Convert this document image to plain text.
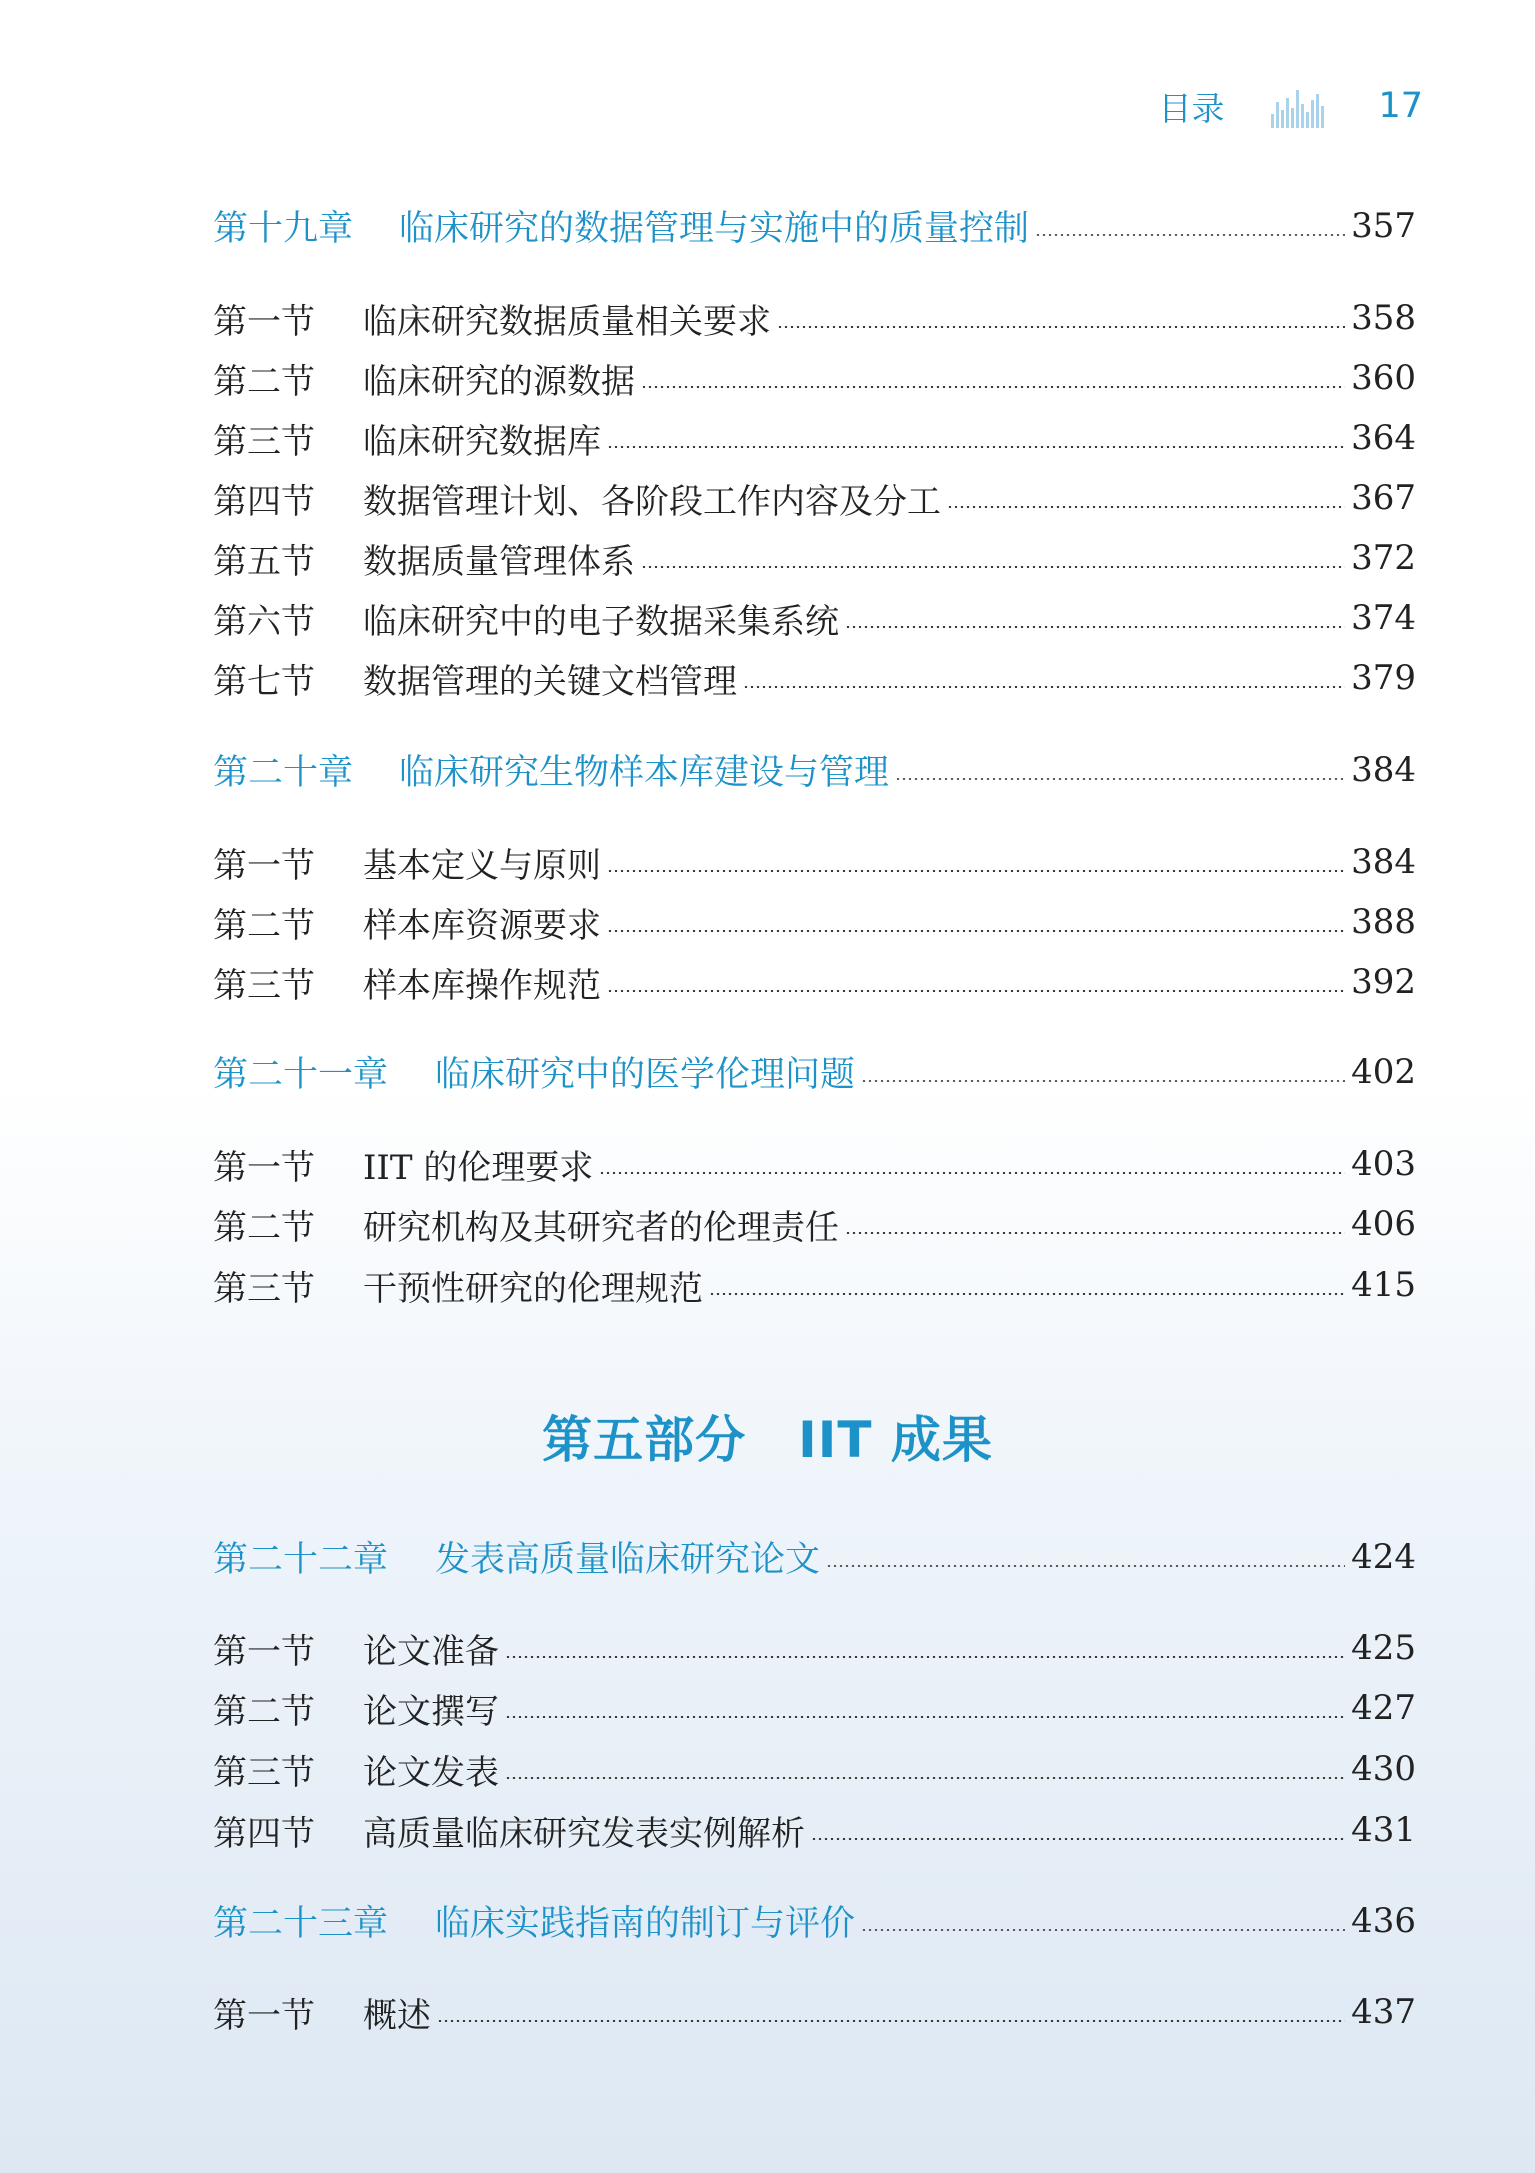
目录	17
第十九章	临床研究的数据管理与实施中的质量控制	357
第一节	临床研究数据质量相关要求	358
第二节	临床研究的源数据	360
第三节	临床研究数据库	364
第四节	数据管理计划、各阶段工作内容及分工	367
第五节	数据质量管理体系	372
第六节	临床研究中的电子数据采集系统	374
第七节	数据管理的关键文档管理	379
第二十章	临床研究生物样本库建设与管理	384
第一节	基本定义与原则	384
第二节	样本库资源要求	388
第三节	样本库操作规范	392
第二十一章	临床研究中的医学伦理问题	402
第一节	IIT 的伦理要求	403
第二节	研究机构及其研究者的伦理责任	406
第三节	干预性研究的伦理规范	415
第二十二章	发表高质量临床研究论文	424
第一节	论文准备	425
第二节	论文撰写	427
第三节	论文发表	430
第四节	高质量临床研究发表实例解析	431
第二十三章	临床实践指南的制订与评价	436
第一节	概述	437
第五部分 IIT 成果
